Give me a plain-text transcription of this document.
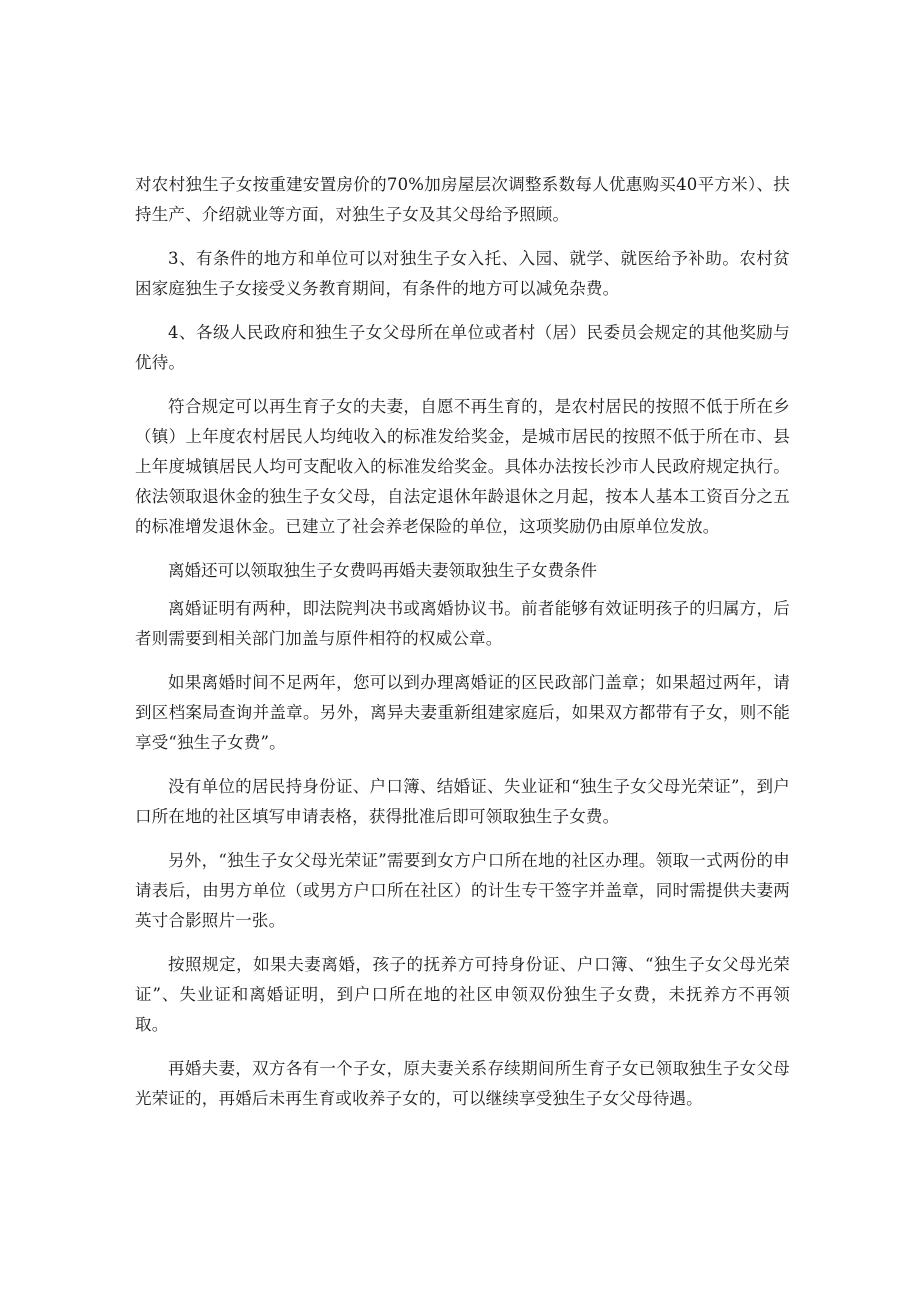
对农村独生子女按重建安置房价的70%加房屋层次调整系数每人优惠购买40平方米）、扶持生产、介绍就业等方面，对独生子女及其父母给予照顾。

3、有条件的地方和单位可以对独生子女入托、入园、就学、就医给予补助。农村贫困家庭独生子女接受义务教育期间，有条件的地方可以减免杂费。

4、各级人民政府和独生子女父母所在单位或者村（居）民委员会规定的其他奖励与优待。

符合规定可以再生育子女的夫妻，自愿不再生育的，是农村居民的按照不低于所在乡（镇）上年度农村居民人均纯收入的标准发给奖金，是城市居民的按照不低于所在市、县上年度城镇居民人均可支配收入的标准发给奖金。具体办法按长沙市人民政府规定执行。依法领取退休金的独生子女父母，自法定退休年龄退休之月起，按本人基本工资百分之五的标准增发退休金。已建立了社会养老保险的单位，这项奖励仍由原单位发放。

离婚还可以领取独生子女费吗再婚夫妻领取独生子女费条件

离婚证明有两种，即法院判决书或离婚协议书。前者能够有效证明孩子的归属方，后者则需要到相关部门加盖与原件相符的权威公章。

如果离婚时间不足两年，您可以到办理离婚证的区民政部门盖章；如果超过两年，请到区档案局查询并盖章。另外，离异夫妻重新组建家庭后，如果双方都带有子女，则不能享受“独生子女费”。

没有单位的居民持身份证、户口簿、结婚证、失业证和“独生子女父母光荣证”，到户口所在地的社区填写申请表格，获得批准后即可领取独生子女费。

另外，“独生子女父母光荣证”需要到女方户口所在地的社区办理。领取一式两份的申请表后，由男方单位（或男方户口所在社区）的计生专干签字并盖章，同时需提供夫妻两英寸合影照片一张。

按照规定，如果夫妻离婚，孩子的抚养方可持身份证、户口簿、“独生子女父母光荣证”、失业证和离婚证明，到户口所在地的社区申领双份独生子女费，未抚养方不再领取。

再婚夫妻，双方各有一个子女，原夫妻关系存续期间所生育子女已领取独生子女父母光荣证的，再婚后未再生育或收养子女的，可以继续享受独生子女父母待遇。
